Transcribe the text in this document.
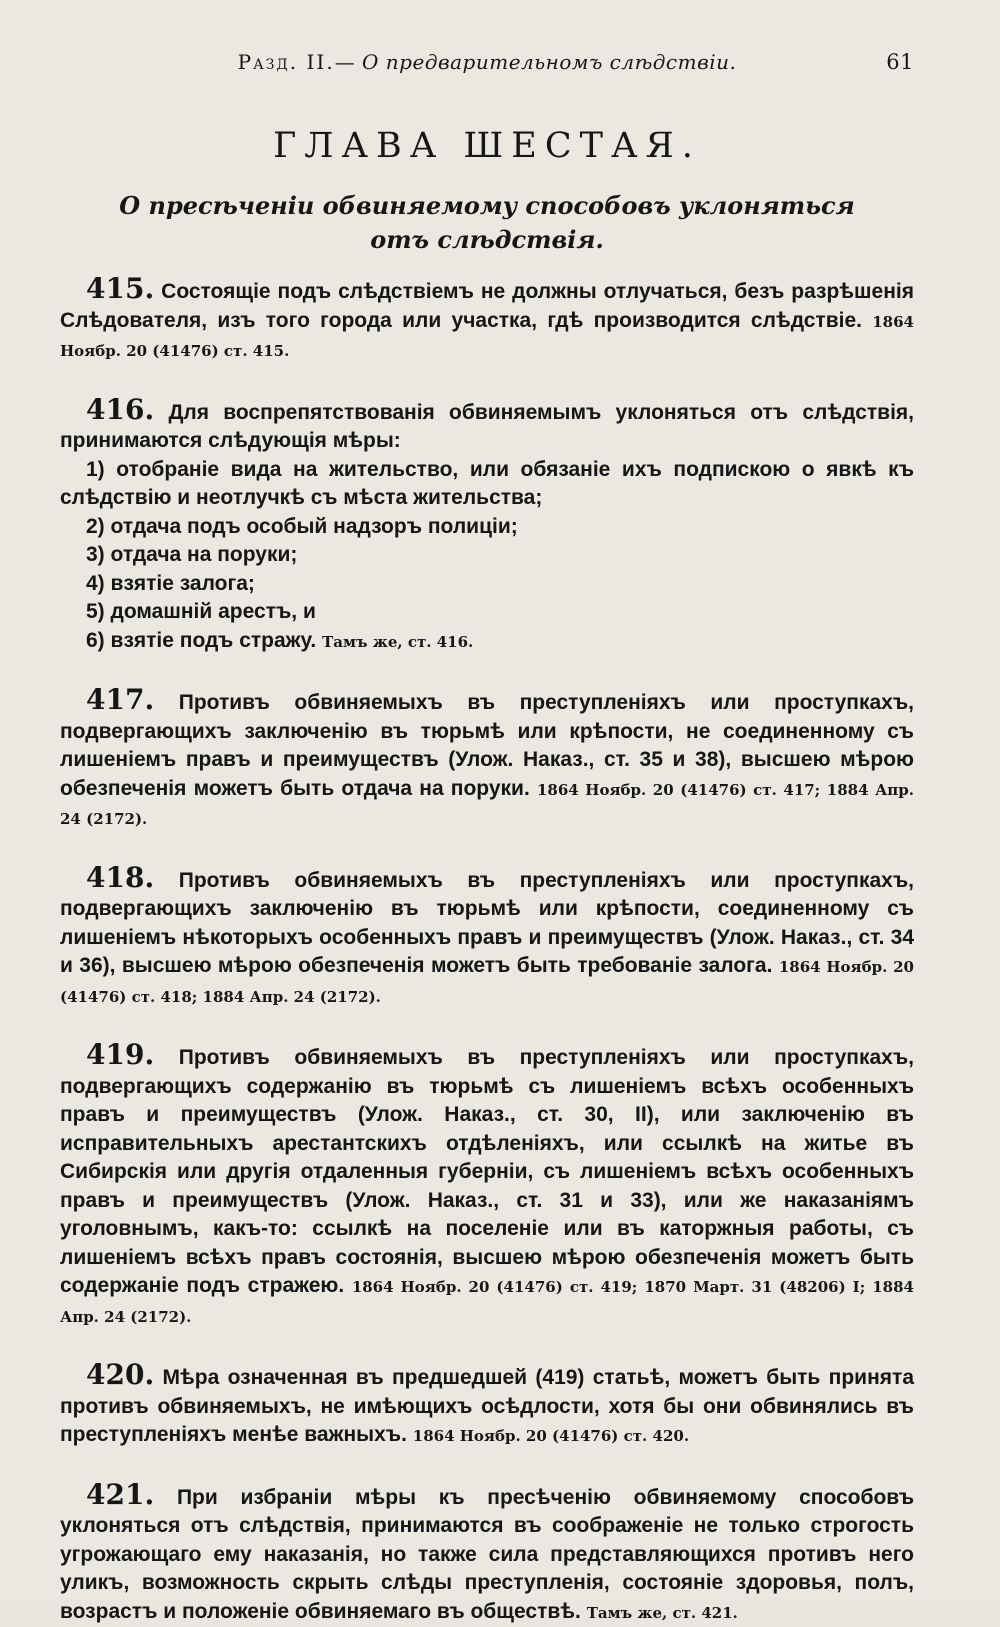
Разд. II.— О предварительномъ слѣдствіи.	61
ГЛАВА ШЕСТАЯ.
О пресѣченіи обвиняемому способовъ уклоняться отъ слѣдствія.

415. Состоящіе подъ слѣдствіемъ не должны отлучаться, безъ разрѣшенія Слѣдователя, изъ того города или участка, гдѣ производится слѣдствіе. 1864 Ноябр. 20 (41476) ст. 415.

416. Для воспрепятствованія обвиняемымъ уклоняться отъ слѣдствія, принимаются слѣдующія мѣры:

1) отобраніе вида на жительство, или обязаніе ихъ подпискою о явкѣ къ слѣдствію и неотлучкѣ съ мѣста жительства;
2) отдача подъ особый надзоръ полиціи;
3) отдача на поруки;
4) взятіе залога;
5) домашній арестъ, и
6) взятіе подъ стражу. Тамъ же, ст. 416.

417. Противъ обвиняемыхъ въ преступленіяхъ или проступкахъ, подвергающихъ заключенію въ тюрьмѣ или крѣпости, не соединенному съ лишеніемъ правъ и преимуществъ (Улож. Наказ., ст. 35 и 38), высшею мѣрою обезпеченія можетъ быть отдача на поруки. 1864 Ноябр. 20 (41476) ст. 417; 1884 Апр. 24 (2172).

418. Противъ обвиняемыхъ въ преступленіяхъ или проступкахъ, подвергающихъ заключенію въ тюрьмѣ или крѣпости, соединенному съ лишеніемъ нѣкоторыхъ особенныхъ правъ и преимуществъ (Улож. Наказ., ст. 34 и 36), высшею мѣрою обезпеченія можетъ быть требованіе залога. 1864 Ноябр. 20 (41476) ст. 418; 1884 Апр. 24 (2172).

419. Противъ обвиняемыхъ въ преступленіяхъ или проступкахъ, подвергающихъ содержанію въ тюрьмѣ съ лишеніемъ всѣхъ особенныхъ правъ и преимуществъ (Улож. Наказ., ст. 30, II), или заключенію въ исправительныхъ арестантскихъ отдѣленіяхъ, или ссылкѣ на житье въ Сибирскія или другія отдаленныя губерніи, съ лишеніемъ всѣхъ особенныхъ правъ и преимуществъ (Улож. Наказ., ст. 31 и 33), или же наказаніямъ уголовнымъ, какъ-то: ссылкѣ на поселеніе или въ каторжныя работы, съ лишеніемъ всѣхъ правъ состоянія, высшею мѣрою обезпеченія можетъ быть содержаніе подъ стражею. 1864 Ноябр. 20 (41476) ст. 419; 1870 Март. 31 (48206) I; 1884 Апр. 24 (2172).

420. Мѣра означенная въ предшедшей (419) статьѣ, можетъ быть принята противъ обвиняемыхъ, не имѣющихъ осѣдлости, хотя бы они обвинялись въ преступленіяхъ менѣе важныхъ. 1864 Ноябр. 20 (41476) ст. 420.

421. При избраніи мѣры къ пресѣченію обвиняемому способовъ уклоняться отъ слѣдствія, принимаются въ соображеніе не только строгость угрожающаго ему наказанія, но также сила представляющихся противъ него уликъ, возможность скрыть слѣды преступленія, состояніе здоровья, полъ, возрастъ и положеніе обвиняемаго въ обществѣ. Тамъ же, ст. 421.
